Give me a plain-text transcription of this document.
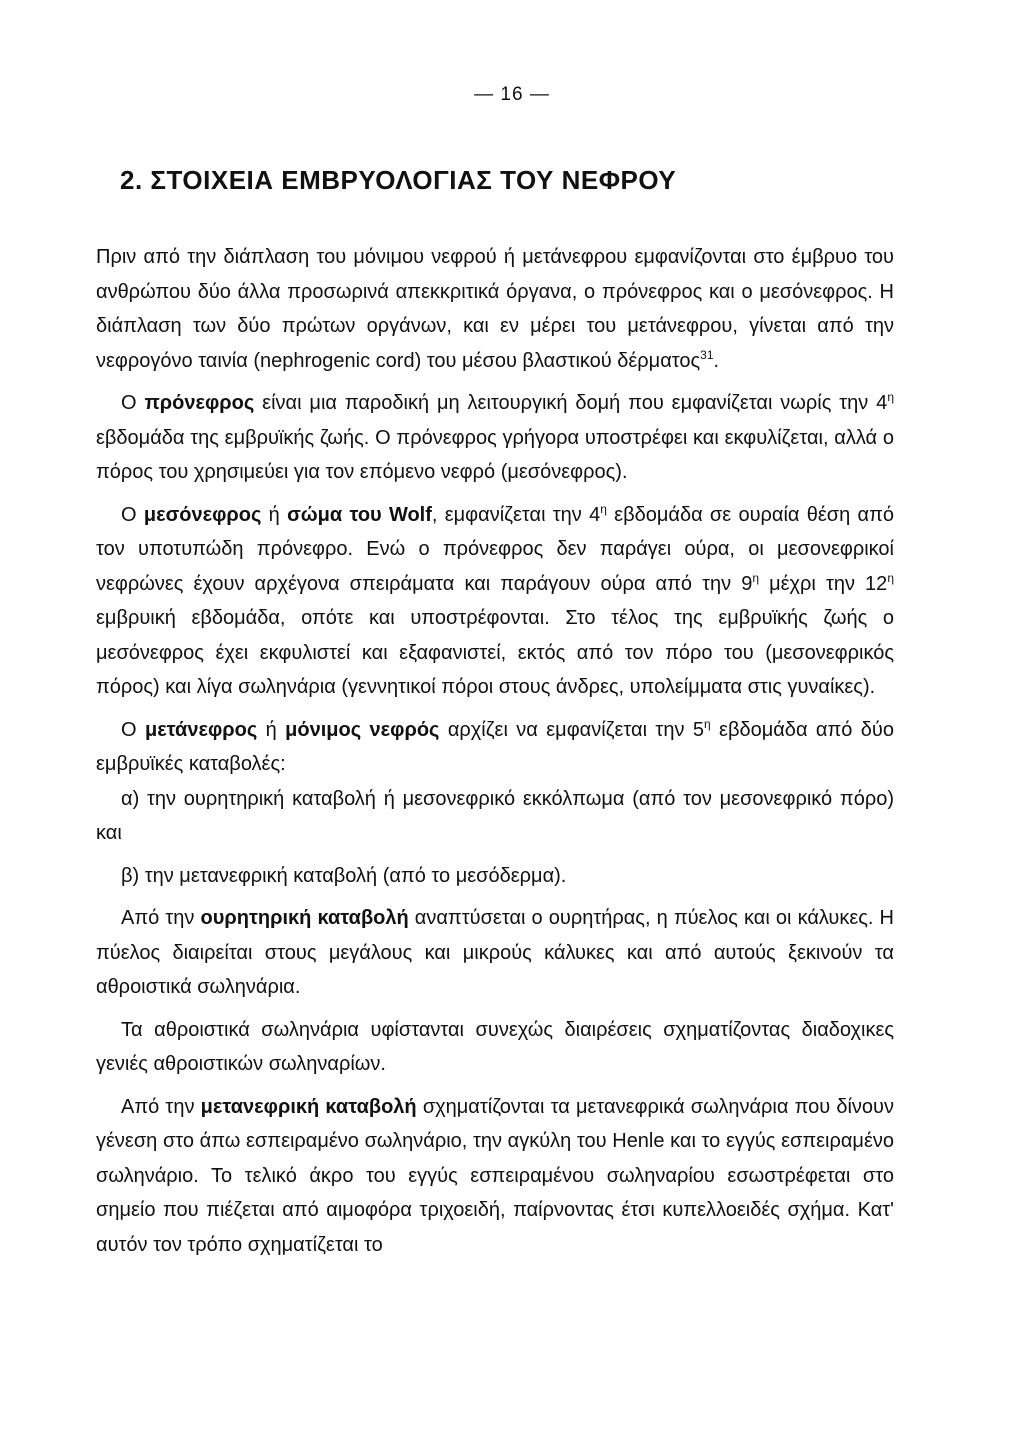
— 16 —
2. ΣΤΟΙΧΕΙΑ ΕΜΒΡΥΟΛΟΓΙΑΣ ΤΟΥ ΝΕΦΡΟΥ

Πριν από την διάπλαση του μόνιμου νεφρού ή μετάνεφρου εμφανίζονται στο έμβρυο του ανθρώπου δύο άλλα προσωρινά απεκκριτικά όργανα, ο πρόνεφρος και ο μεσόνεφρος. Η διάπλαση των δύο πρώτων οργάνων, και εν μέρει του μετάνεφρου, γίνεται από την νεφρογόνο ταινία (nephrogenic cord) του μέσου βλαστικού δέρματος$^{31}$.

Ο πρόνεφρος είναι μια παροδική μη λειτουργική δομή που εμφανίζεται νωρίς την $4^\eta$ εβδομάδα της εμβρυϊκής ζωής. Ο πρόνεφρος γρήγορα υποστρέφει και εκφυλίζεται, αλλά ο πόρος του χρησιμεύει για τον επόμενο νεφρό (μεσόνεφρος).

Ο μεσόνεφρος ή σώμα του Wolf, εμφανίζεται την $4^\eta$ εβδομάδα σε ουραία θέση από τον υποτυπώδη πρόνεφρο. Ενώ ο πρόνεφρος δεν παράγει ούρα, οι μεσονεφρικοί νεφρώνες έχουν αρχέγονα σπειράματα και παράγουν ούρα από την $9^\eta$ μέχρι την $12^\eta$ εμβρυική εβδομάδα, οπότε και υποστρέφονται. Στο τέλος της εμβρυϊκής ζωής ο μεσόνεφρος έχει εκφυλιστεί και εξαφανιστεί, εκτός από τον πόρο του (μεσονεφρικός πόρος) και λίγα σωληνάρια (γεννητικοί πόροι στους άνδρες, υπολείμματα στις γυναίκες).

Ο μετάνεφρος ή μόνιμος νεφρός αρχίζει να εμφανίζεται την $5^\eta$ εβδομάδα από δύο εμβρυϊκές καταβολές:

α) την ουρητηρική καταβολή ή μεσονεφρικό εκκόλπωμα (από τον μεσονεφρικό πόρο) και

β) την μετανεφρική καταβολή (από το μεσόδερμα).

Από την ουρητηρική καταβολή αναπτύσεται ο ουρητήρας, η πύελος και οι κάλυκες. Η πύελος διαιρείται στους μεγάλους και μικρούς κάλυκες και από αυτούς ξεκινούν τα αθροιστικά σωληνάρια.

Τα αθροιστικά σωληνάρια υφίστανται συνεχώς διαιρέσεις σχηματίζοντας διαδοχικες γενιές αθροιστικών σωληναρίων.

Από την μετανεφρική καταβολή σχηματίζονται τα μετανεφρικά σωληνάρια που δίνουν γένεση στο άπω εσπειραμένο σωληνάριο, την αγκύλη του Henle και το εγγύς εσπειραμένο σωληνάριο. Το τελικό άκρο του εγγύς εσπειραμένου σωληναρίου εσωστρέφεται στο σημείο που πιέζεται από αιμοφόρα τριχοειδή, παίρνοντας έτσι κυπελλοειδές σχήμα. Κατ' αυτόν τον τρόπο σχηματίζεται το
